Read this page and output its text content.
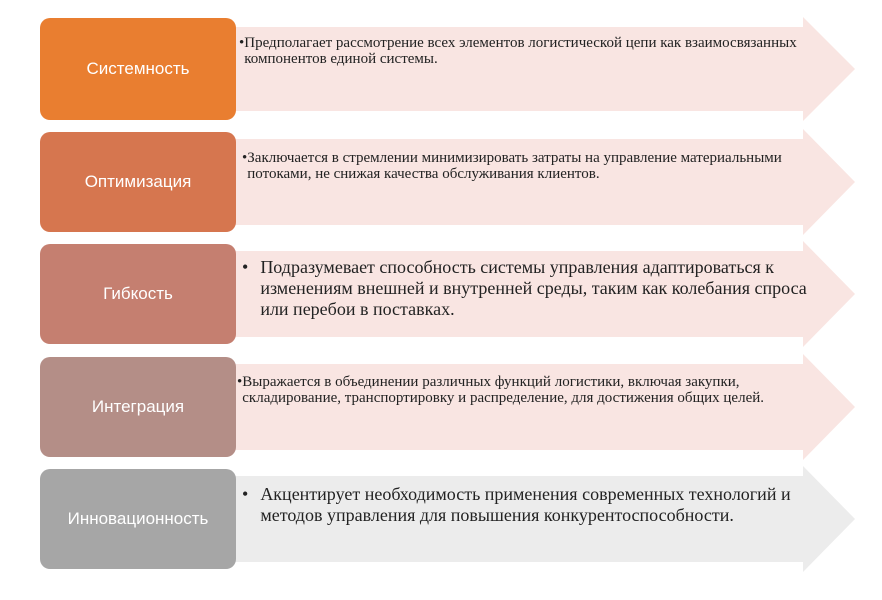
Системность
• Предполагает рассмотрение всех элементов логистической цепи как взаимосвязанных компонентов единой системы.
Оптимизация
• Заключается в стремлении минимизировать затраты на управление материальными потоками, не снижая качества обслуживания клиентов.
Гибкость
• Подразумевает способность системы управления адаптироваться к изменениям внешней и внутренней среды, таким как колебания спроса или перебои в поставках.
Интеграция
• Выражается в объединении различных функций логистики, включая закупки, складирование, транспортировку и распределение, для достижения общих целей.
Инновационность
• Акцентирует необходимость применения современных технологий и методов управления для повышения конкурентоспособности.
